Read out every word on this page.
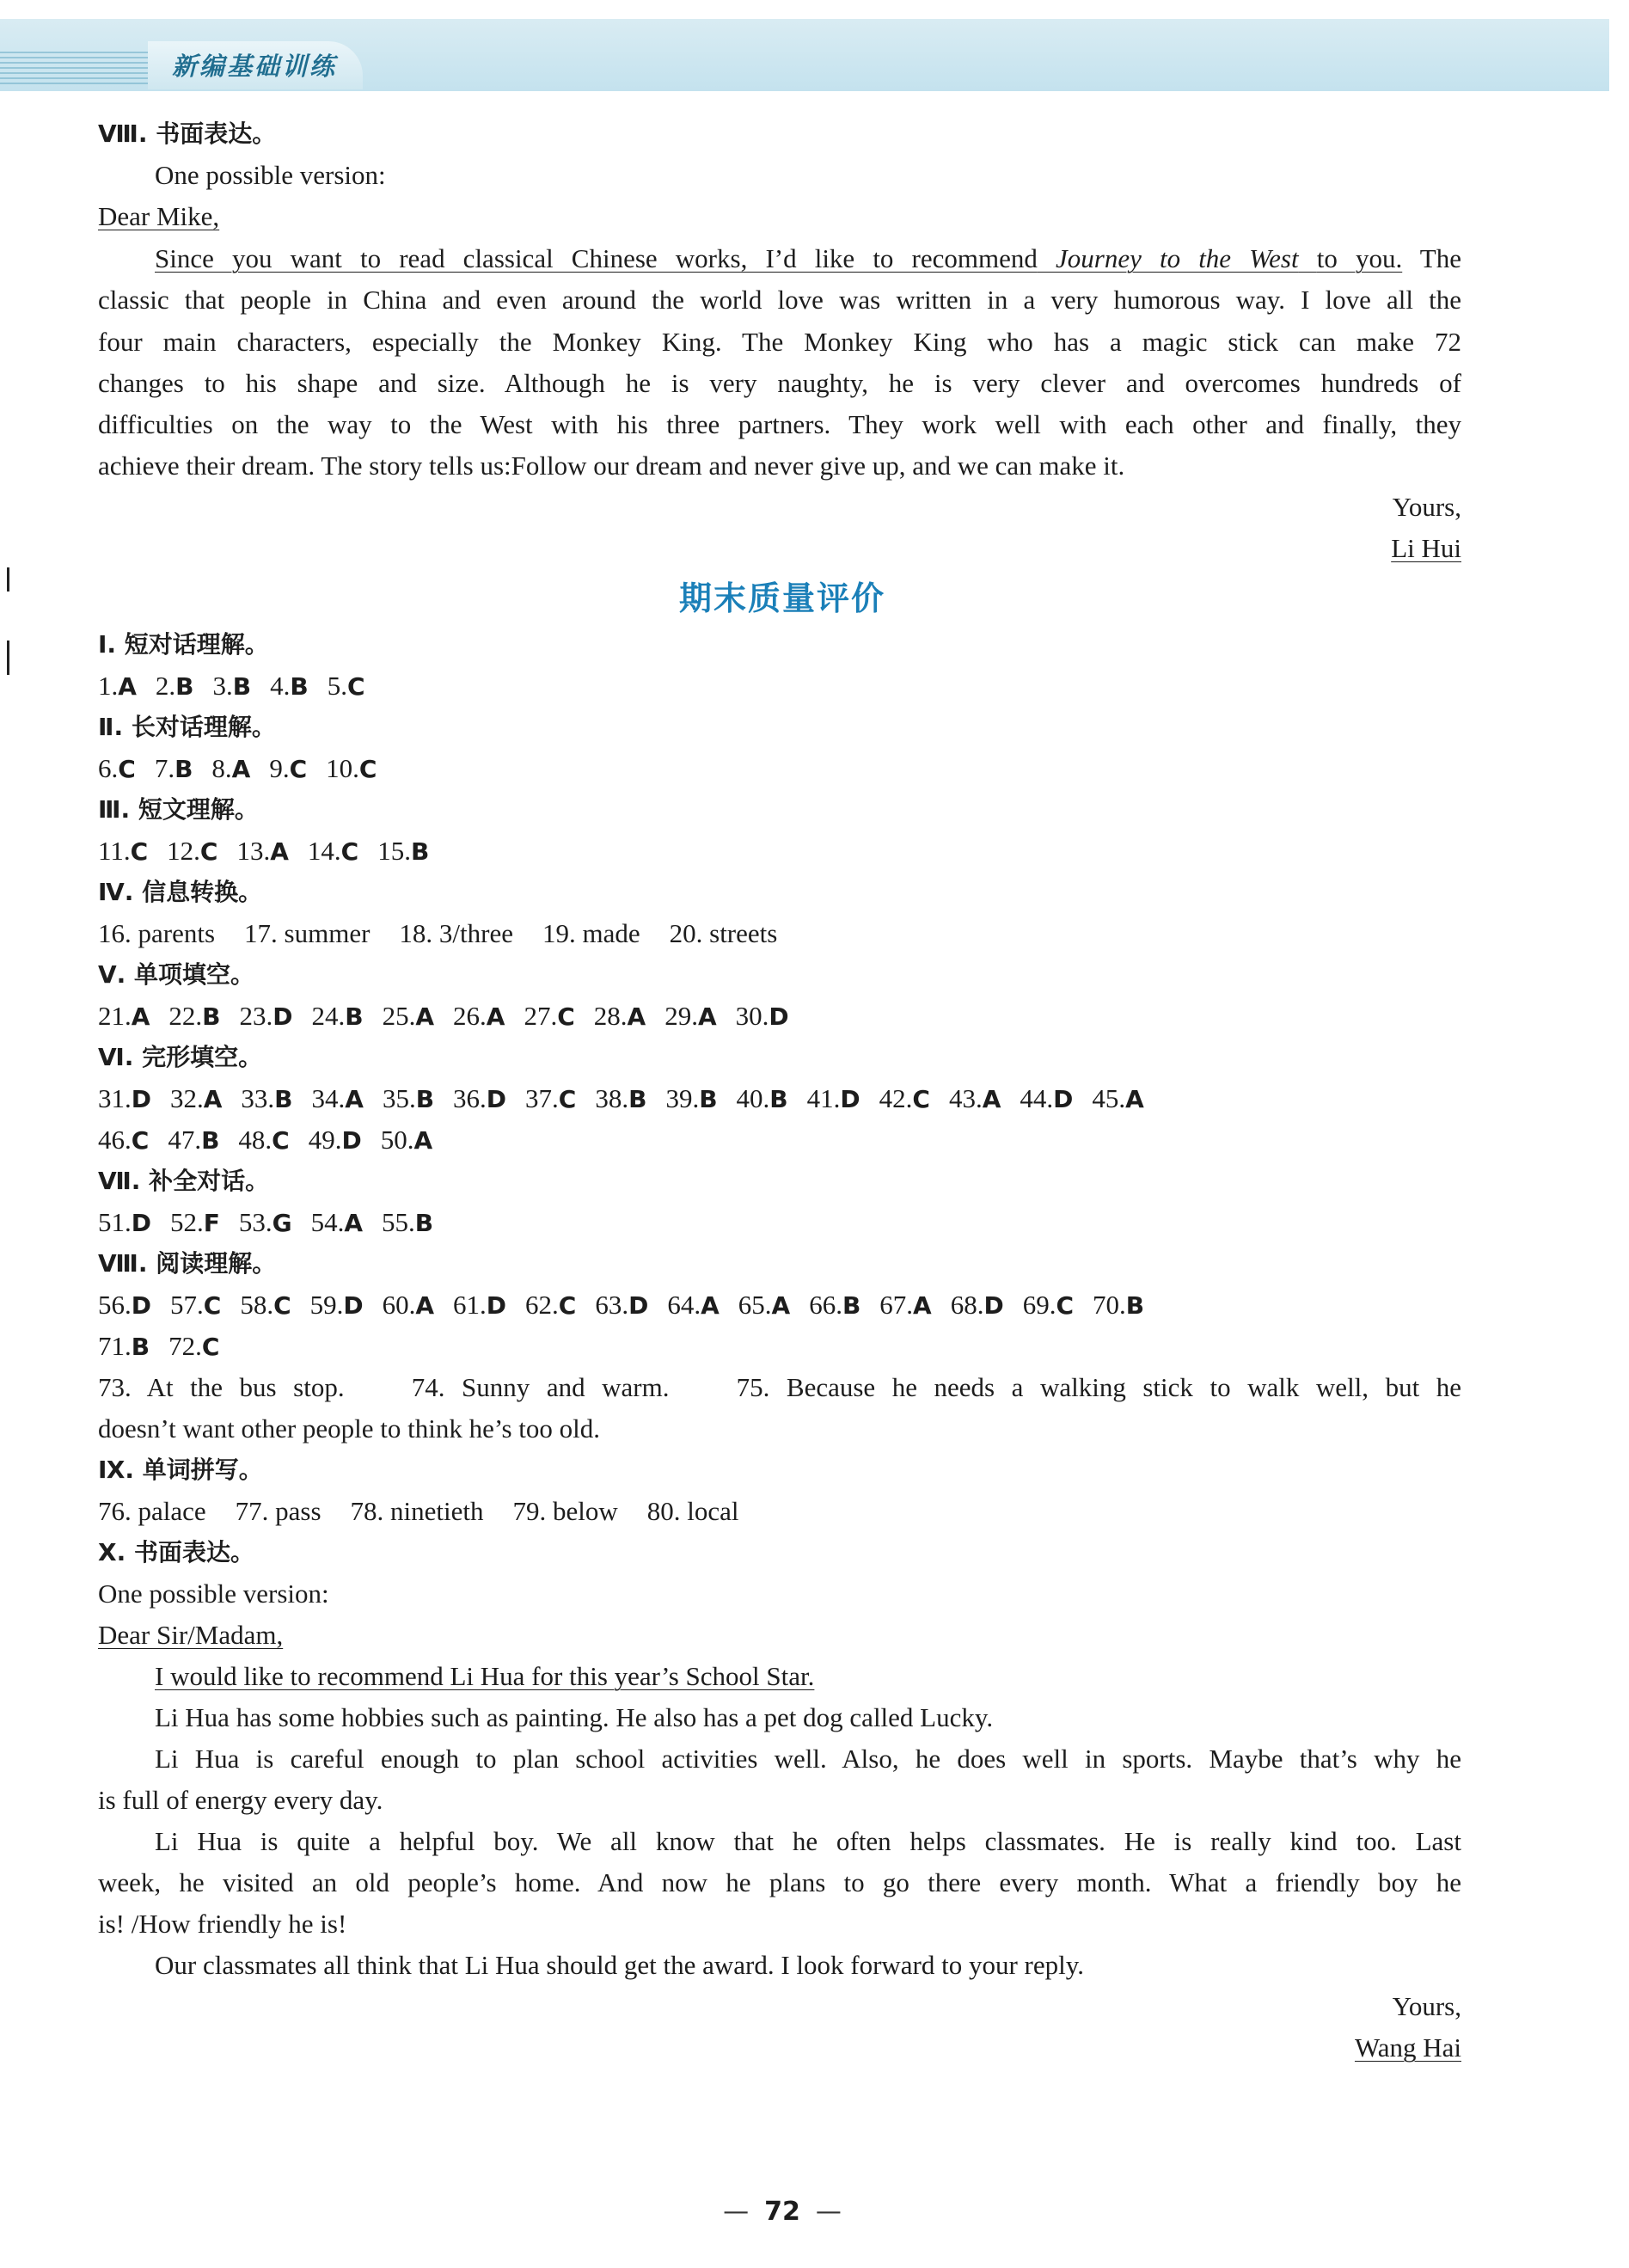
新编基础训练
Ⅷ. 书面表达。
One possible version:
Dear Mike,
Since you want to read classical Chinese works, I’d like to recommend Journey to the West to you. The
classic that people in China and even around the world love was written in a very humorous way. I love all the
four main characters, especially the Monkey King. The Monkey King who has a magic stick can make 72
changes to his shape and size. Although he is very naughty, he is very clever and overcomes hundreds of
difficulties on the way to the West with his three partners. They work well with each other and finally, they
achieve their dream. The story tells us:Follow our dream and never give up, and we can make it.
Yours,
Li Hui
期末质量评价
Ⅰ. 短对话理解。
1.A 2.B 3.B 4.B 5.C
Ⅱ. 长对话理解。
6.C 7.B 8.A 9.C 10.C
Ⅲ. 短文理解。
11.C 12.C 13.A 14.C 15.B
Ⅳ. 信息转换。
16. parents 17. summer 18. 3/three 19. made 20. streets
Ⅴ. 单项填空。
21.A 22.B 23.D 24.B 25.A 26.A 27.C 28.A 29.A 30.D
Ⅵ. 完形填空。
31.D 32.A 33.B 34.A 35.B 36.D 37.C 38.B 39.B 40.B 41.D 42.C 43.A 44.D 45.A
46.C 47.B 48.C 49.D 50.A
Ⅶ. 补全对话。
51.D 52.F 53.G 54.A 55.B
Ⅷ. 阅读理解。
56.D 57.C 58.C 59.D 60.A 61.D 62.C 63.D 64.A 65.A 66.B 67.A 68.D 69.C 70.B
71.B 72.C
73. At the bus stop.    74. Sunny and warm.    75. Because he needs a walking stick to walk well, but he
doesn’t want other people to think he’s too old.
Ⅸ. 单词拼写。
76. palace 77. pass 78. ninetieth 79. below 80. local
Ⅹ. 书面表达。
One possible version:
Dear Sir/Madam,
I would like to recommend Li Hua for this year’s School Star.
Li Hua has some hobbies such as painting. He also has a pet dog called Lucky.
Li Hua is careful enough to plan school activities well. Also, he does well in sports. Maybe that’s why he
is full of energy every day.
Li Hua is quite a helpful boy. We all know that he often helps classmates. He is really kind too. Last
week, he visited an old people’s home. And now he plans to go there every month. What a friendly boy he
is! /How friendly he is!
Our classmates all think that Li Hua should get the award. I look forward to your reply.
Yours,
Wang Hai
— 72 —
